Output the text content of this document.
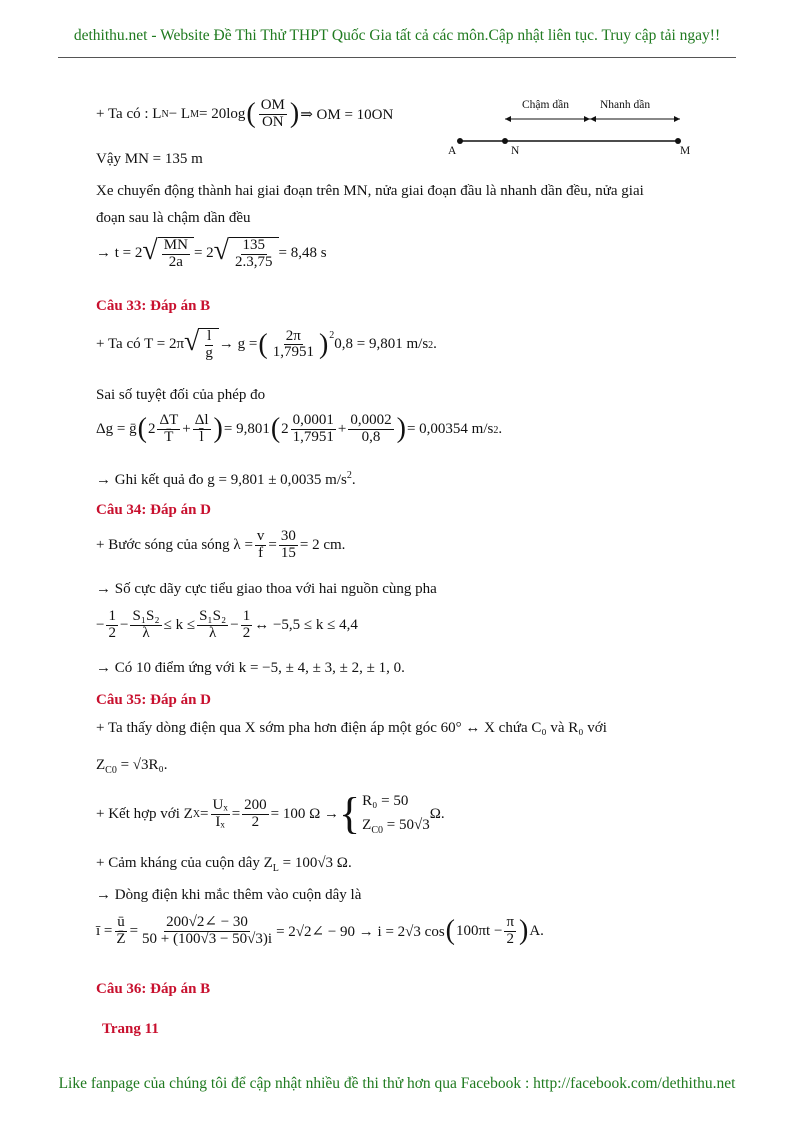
dethithu.net - Website Đề Thi Thử THPT Quốc Gia tất cả các môn.Cập nhật liên tục. Truy cập tải ngay!!
Chậm dần	Nhanh dần
A	N	M
+ Ta có :
L N − L M = 20log ( $\frac{OM}{ON}$ ) ⇒ OM = 10ON
Vậy MN = 135 m
Xe chuyển động thành hai giai đoạn trên MN, nửa giai đoạn đầu là nhanh dần đều, nửa giai
đoạn sau là chậm dần đều
→ t = 2 √ $\frac{MN}{2a} = 2$ √ $\frac{135}{2.3,75} = 8,48$ s
Câu 33: Đáp án B
+ Ta có T = 2π √ $\frac{l}{g} \to g$ = ( $\frac{2\pi}{1,7951} )^2$
0,8 = 9,801 m/s 2 .
Sai số tuyệt đối của phép đo
Δg = ḡ ( $2 \frac{\Delta T}{T̄} + \frac{\Delta l}{l̄}$ ) = 9,801 ( $2 \frac{0,0001}{1,7951} + \frac{0,0002}{0,8}$ ) = 0,00354 m/s 2 .
→ Ghi kết quả đo g = 9,801 ± 0,0035 $m/s^2$.
Câu 34: Đáp án D
+ Bước sóng của sóng $\lambda = \frac{v}{f} = \frac{30}{15} = 2$ cm.
→ Số cực dãy cực tiểu giao thoa với hai nguồn cùng pha
− $\frac{1}{2} - \frac{\text{S₁S₂}}{\lambda} \le k \le \frac{\text{S₁S₂}}{\lambda} - \frac{1}{2}$ ↔ −5,5 ≤ k ≤ 4,4
→ Có 10 điểm ứng với k = −5, ± 4, ± 3, ± 2, ± 1, 0.
Câu 35: Đáp án D
+ Ta thấy dòng điện qua X sớm pha hơn điện áp một góc 60° ↔ X chứa C₀ và R₀ với
$Z_{C0} = √3R_0$.
+ Kết hợp với Z $X = \frac{\text{Uₓ}}{\text{Iₓ}} = \frac{200}{2} = 100$ Ω → { R₀ = 50
$Z_{C0} = 50√3$
Ω.
+ Cảm kháng của cuộn dây $Z_L = 100√3$ Ω.
→ Dòng điện khi mắc thêm vào cuộn dây là
ī = $\frac{ū}{Z̄} = \frac{200√2\angle - 30}{50 + (100√3 - 50√3)i}$ = 2√2∠ − 90 → i = 2√3 cos ( $100\pi t - \frac{\pi}{2}$ ) A.
Câu 36: Đáp án B
Trang 11
Like fanpage của chúng tôi để cập nhật nhiều đề thi thử hơn qua Facebook : http://facebook.com/dethithu.net
